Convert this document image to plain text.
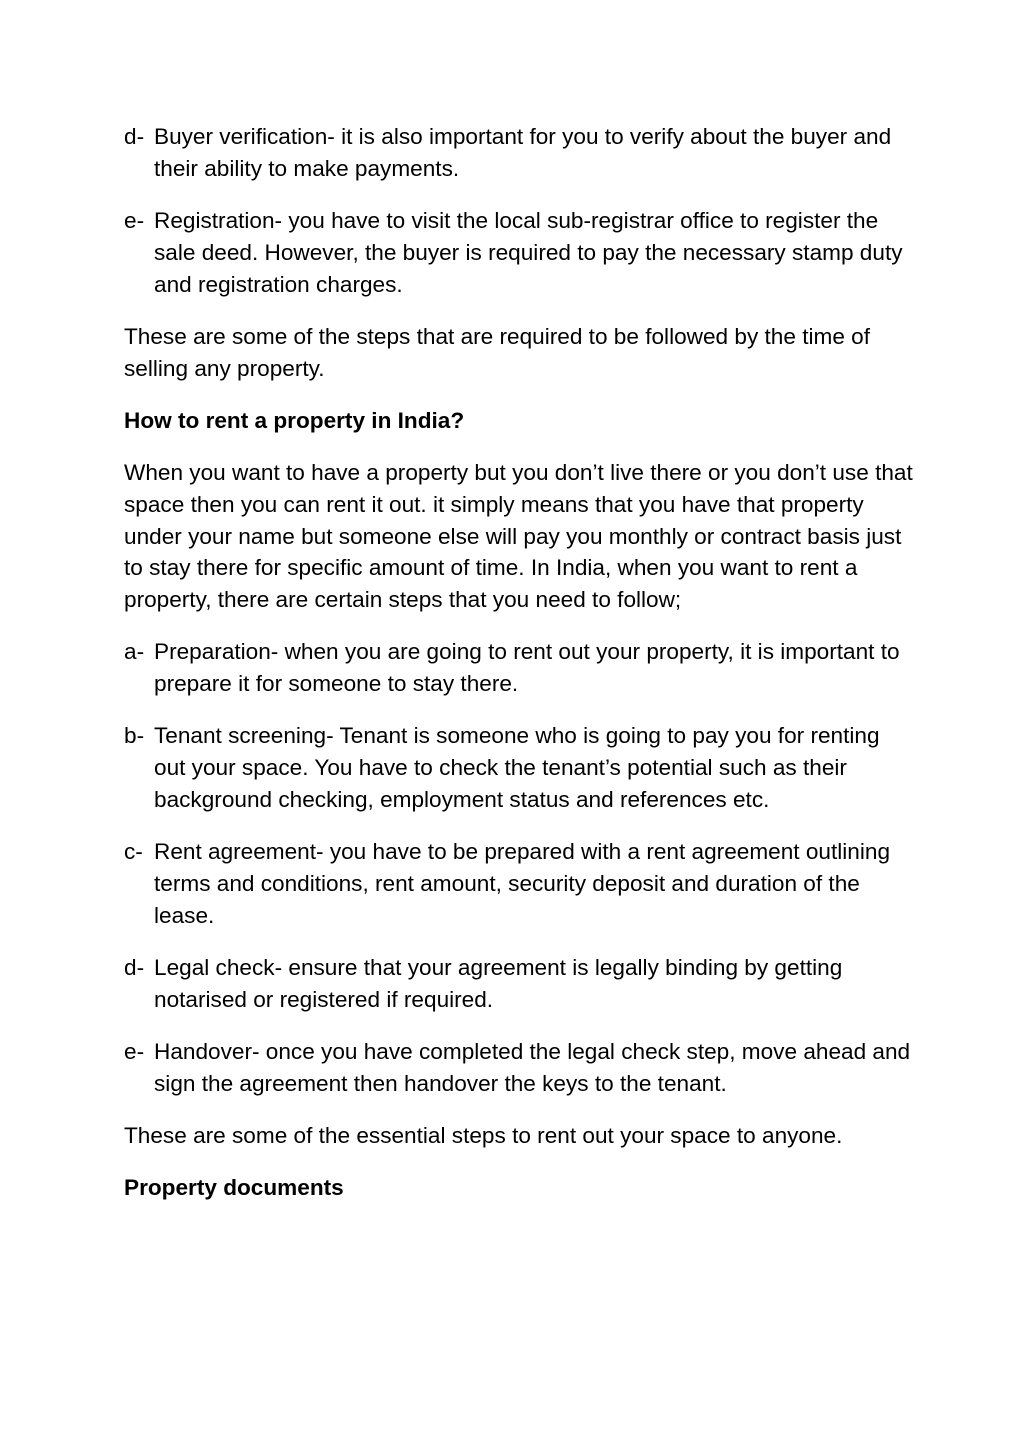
d- Buyer verification- it is also important for you to verify about the buyer and their ability to make payments.
e- Registration- you have to visit the local sub-registrar office to register the sale deed. However, the buyer is required to pay the necessary stamp duty and registration charges.

These are some of the steps that are required to be followed by the time of selling any property.

How to rent a property in India?

When you want to have a property but you don’t live there or you don’t use that space then you can rent it out. it simply means that you have that property under your name but someone else will pay you monthly or contract basis just to stay there for specific amount of time. In India, when you want to rent a property, there are certain steps that you need to follow;

a- Preparation- when you are going to rent out your property, it is important to prepare it for someone to stay there.
b- Tenant screening- Tenant is someone who is going to pay you for renting out your space. You have to check the tenant’s potential such as their background checking, employment status and references etc.
c- Rent agreement- you have to be prepared with a rent agreement outlining terms and conditions, rent amount, security deposit and duration of the lease.
d- Legal check- ensure that your agreement is legally binding by getting notarised or registered if required.
e- Handover- once you have completed the legal check step, move ahead and sign the agreement then handover the keys to the tenant.

These are some of the essential steps to rent out your space to anyone.

Property documents
